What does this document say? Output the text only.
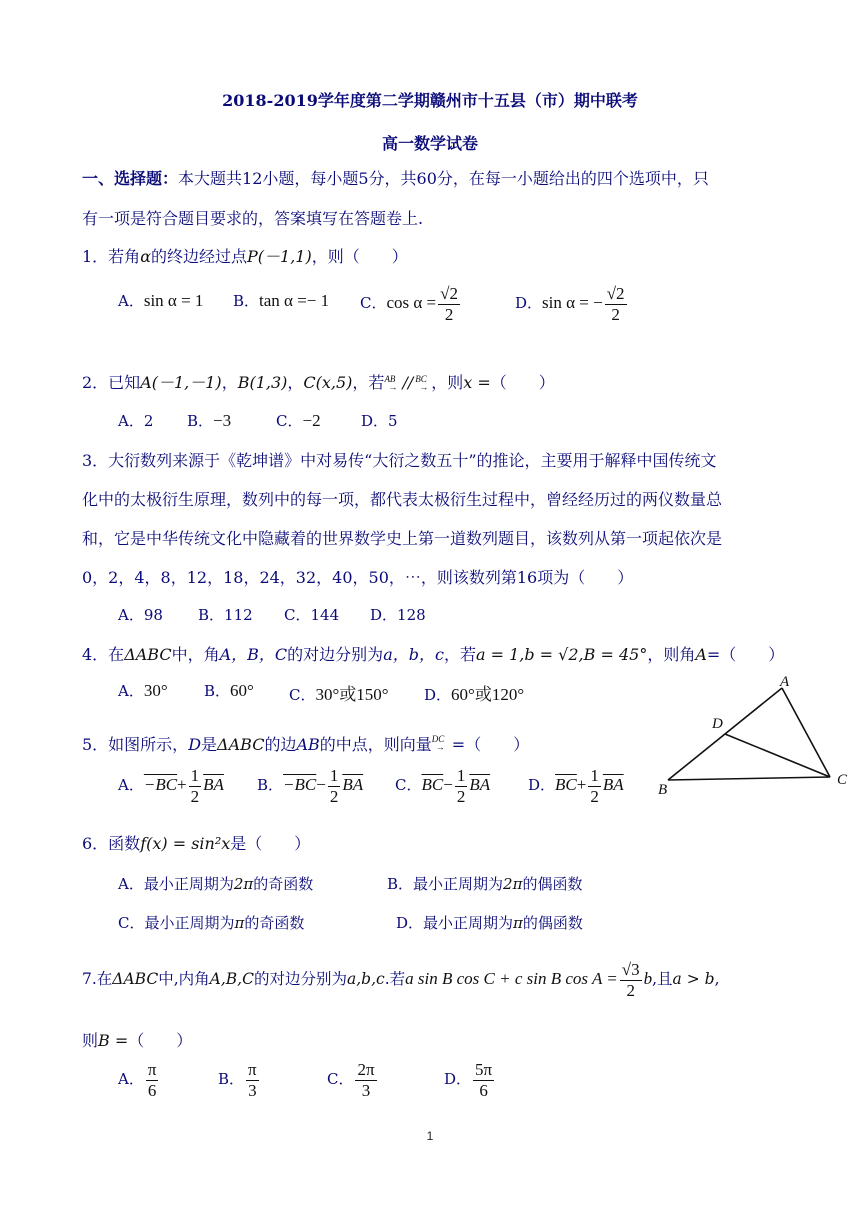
2018-2019学年度第二学期赣州市十五县（市）期中联考
高一数学试卷
一、选择题：本大题共12小题，每小题5分，共60分，在每一小题给出的四个选项中，只
有一项是符合题目要求的，答案填写在答题卷上.
1．若角α的终边经过点P(－1,1)，则（　　）
A．sin α = 1 B．tan α =− 1 C．$\cos \alpha = \frac{√2}{2}$	D．sin α = − $\frac{√2}{2}$
2．已知A(－1,－1)，B(1,3)，C(x,5)，若 AB
→ // BC
→ ，则x =（　　）
A．2 B．−3	C．−2	D．5
3．大衍数列来源于《乾坤谱》中对易传“大衍之数五十”的推论，主要用于解释中国传统文
化中的太极衍生原理，数列中的每一项，都代表太极衍生过程中，曾经经历过的两仪数量总
和，它是中华传统文化中隐藏着的世界数学史上第一道数列题目，该数列从第一项起依次是
0，2，4，8，12，18，24，32，40，50，⋯，则该数列第16项为（　　）
A．98 B．112 C．144 D．128
4．在ΔABC中，角A，B，C的对边分别为a，b，c，若a = 1,b = √2,B = 45°，则角A=（　　）
A．30° B．60° C．30°或150° D．60°或120°
5．如图所示，D是ΔABC的边AB的中点，则向量 DC
→ =（　　）
A．$-BC+ \frac{1}{2} \overline{BA}$ B．$-BC- \frac{1}{2} \overline{BA}$ C．$\overline{BC}- \frac{1}{2} \overline{BA}$	D．$\overline{BC}+ \frac{1}{2} \overline{BA}$
A
B
C
D
6．函数f(x) = sin²x是（　　）
A．最小正周期为2π的奇函数	B．最小正周期为2π的偶函数
C．最小正周期为π的奇函数	D．最小正周期为π的偶函数
7.在ΔABC中,内角A,B,C的对边分别为a,b,c.若a sin B cos C + c sin B $\cos A = \frac{√3}{2} b$,且a > b,
则B =（　　）
A． $\frac{\pi}{6}$	B． $\frac{\pi}{3}$	C． $\frac{2\pi}{3}$	D． $\frac{5\pi}{6}$
1
